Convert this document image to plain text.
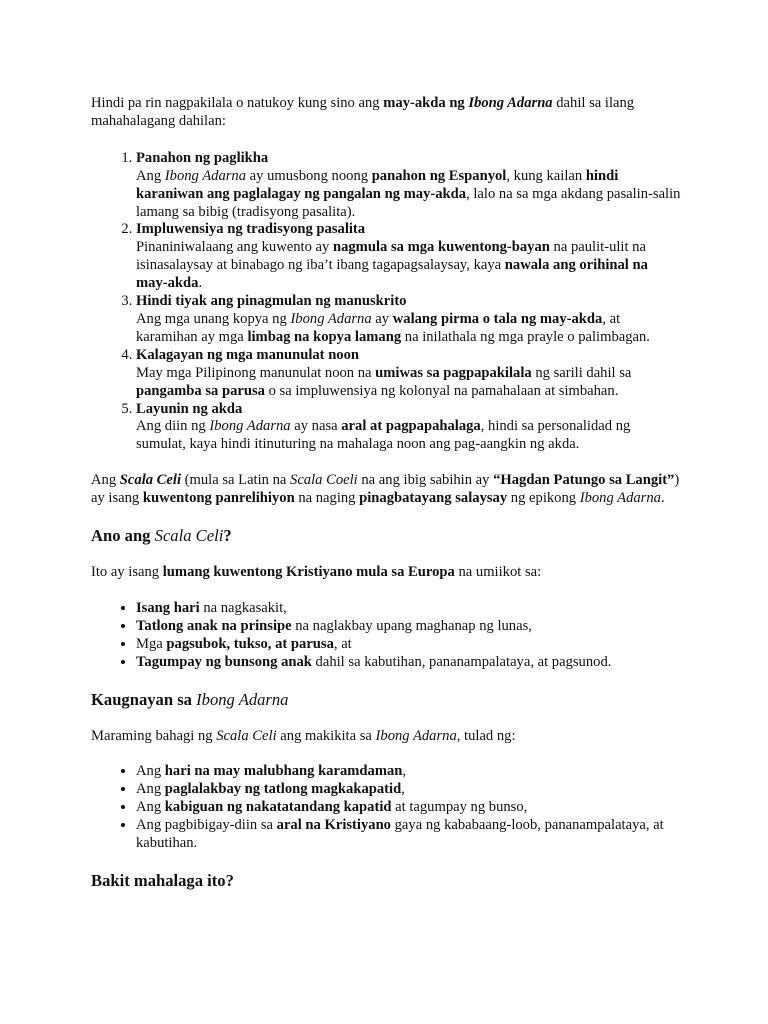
Hindi pa rin nagpakilala o natukoy kung sino ang may-akda ng Ibong Adarna dahil sa ilang mahahalagang dahilan:

1. Panahon ng paglikha
Ang Ibong Adarna ay umusbong noong panahon ng Espanyol, kung kailan hindi karaniwan ang paglalagay ng pangalan ng may-akda, lalo na sa mga akdang pasalin-salin lamang sa bibig (tradisyong pasalita).
2. Impluwensiya ng tradisyong pasalita
Pinaniniwalaang ang kuwento ay nagmula sa mga kuwentong-bayan na paulit-ulit na isinasalaysay at binabago ng iba’t ibang tagapagsalaysay, kaya nawala ang orihinal na may-akda.
3. Hindi tiyak ang pinagmulan ng manuskrito
Ang mga unang kopya ng Ibong Adarna ay walang pirma o tala ng may-akda, at karamihan ay mga limbag na kopya lamang na inilathala ng mga prayle o palimbagan.
4. Kalagayan ng mga manunulat noon
May mga Pilipinong manunulat noon na umiwas sa pagpapakilala ng sarili dahil sa pangamba sa parusa o sa impluwensiya ng kolonyal na pamahalaan at simbahan.
5. Layunin ng akda
Ang diin ng Ibong Adarna ay nasa aral at pagpapahalaga, hindi sa personalidad ng sumulat, kaya hindi itinuturing na mahalaga noon ang pag-aangkin ng akda.

Ang Scala Celi (mula sa Latin na Scala Coeli na ang ibig sabihin ay “Hagdan Patungo sa Langit”) ay isang kuwentong panrelihiyon na naging pinagbatayang salaysay ng epikong Ibong Adarna.

Ano ang Scala Celi?

Ito ay isang lumang kuwentong Kristiyano mula sa Europa na umiikot sa:

• Isang hari na nagkasakit,
• Tatlong anak na prinsipe na naglakbay upang maghanap ng lunas,
• Mga pagsubok, tukso, at parusa, at
• Tagumpay ng bunsong anak dahil sa kabutihan, pananampalataya, at pagsunod.
Kaugnayan sa Ibong Adarna

Maraming bahagi ng Scala Celi ang makikita sa Ibong Adarna, tulad ng:

• Ang hari na may malubhang karamdaman,
• Ang paglalakbay ng tatlong magkakapatid,
• Ang kabiguan ng nakatatandang kapatid at tagumpay ng bunso,
• Ang pagbibigay-diin sa aral na Kristiyano gaya ng kababaang-loob, pananampalataya, at kabutihan.
Bakit mahalaga ito?
